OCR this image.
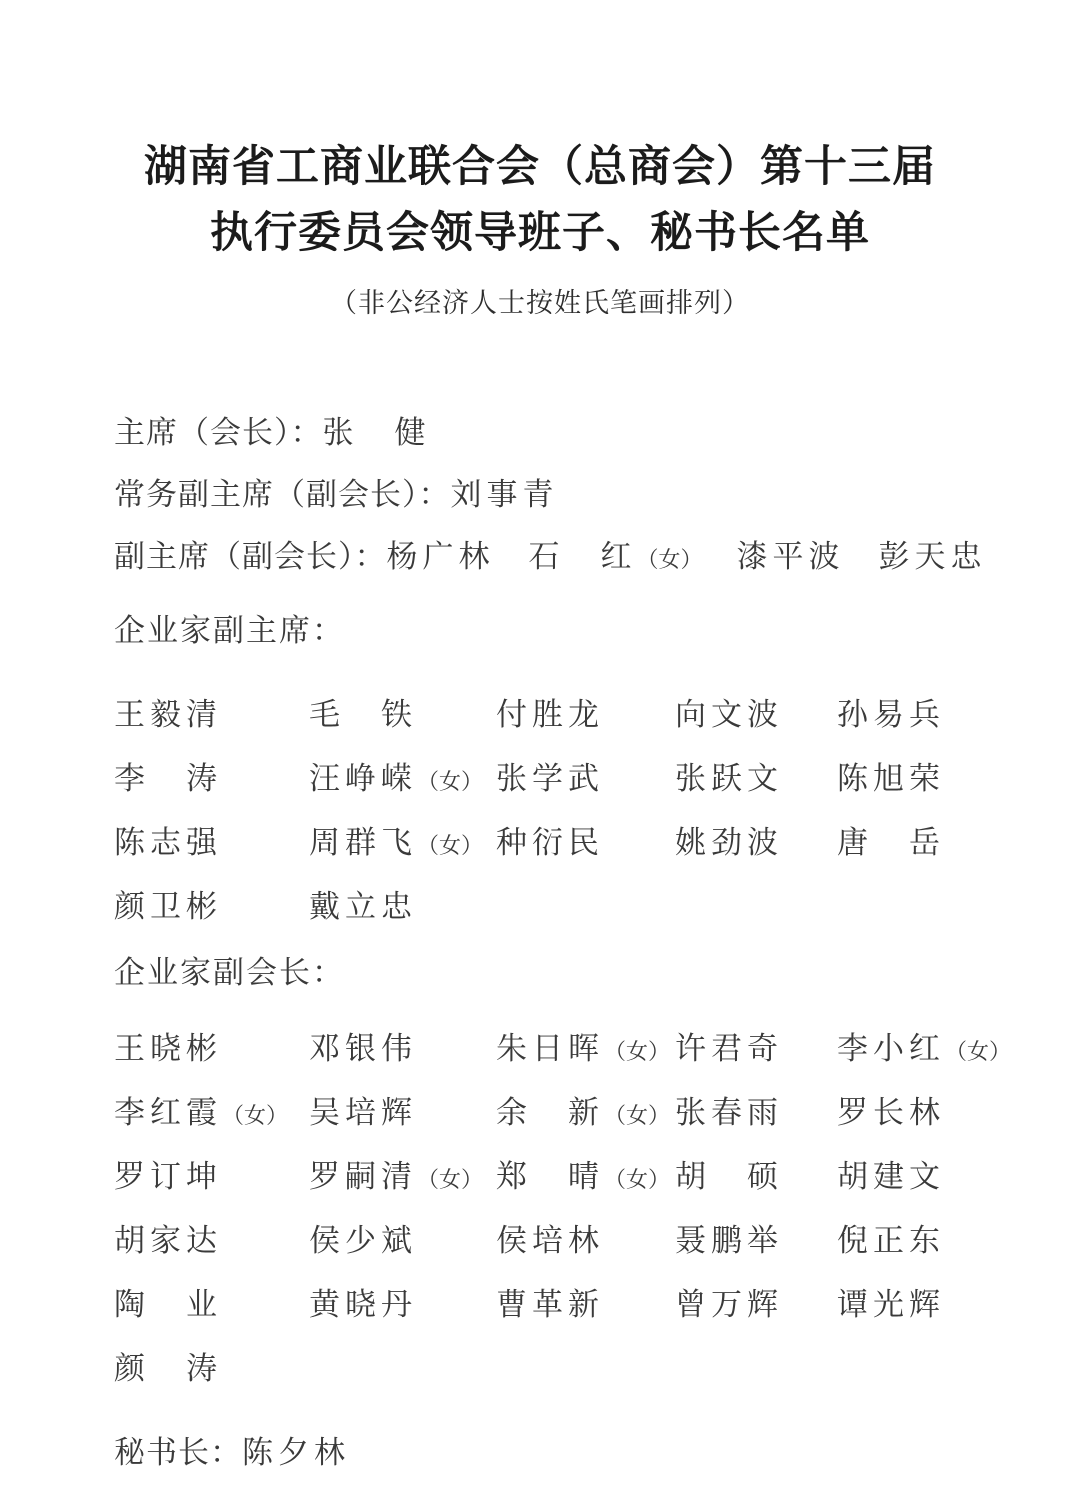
湖南省工商业联合会（总商会）第十三届
执行委员会领导班子、秘书长名单
（非公经济人士按姓氏笔画排列）
主席（会长）： 张　健
常务副主席（副会长）： 刘事青
副主席（副会长）： 杨广林 石　红（女） 漆平波 彭天忠
企业家副主席：
王毅清	毛　铁	付胜龙	向文波	孙易兵
李　涛	汪峥嵘（女） 张学武	张跃文	陈旭荣
陈志强	周群飞（女） 种衍民	姚劲波	唐　岳
颜卫彬	戴立忠
企业家副会长：
王晓彬	邓银伟	朱日晖（女） 许君奇	李小红（女）
李红霞（女） 吴培辉	余　新（女） 张春雨	罗长林
罗订坤	罗嗣清（女） 郑　晴（女） 胡　硕	胡建文
胡家达	侯少斌	侯培林	聂鹏举	倪正东
陶　业	黄晓丹	曹革新	曾万辉	谭光辉
颜　涛
秘书长： 陈夕林
